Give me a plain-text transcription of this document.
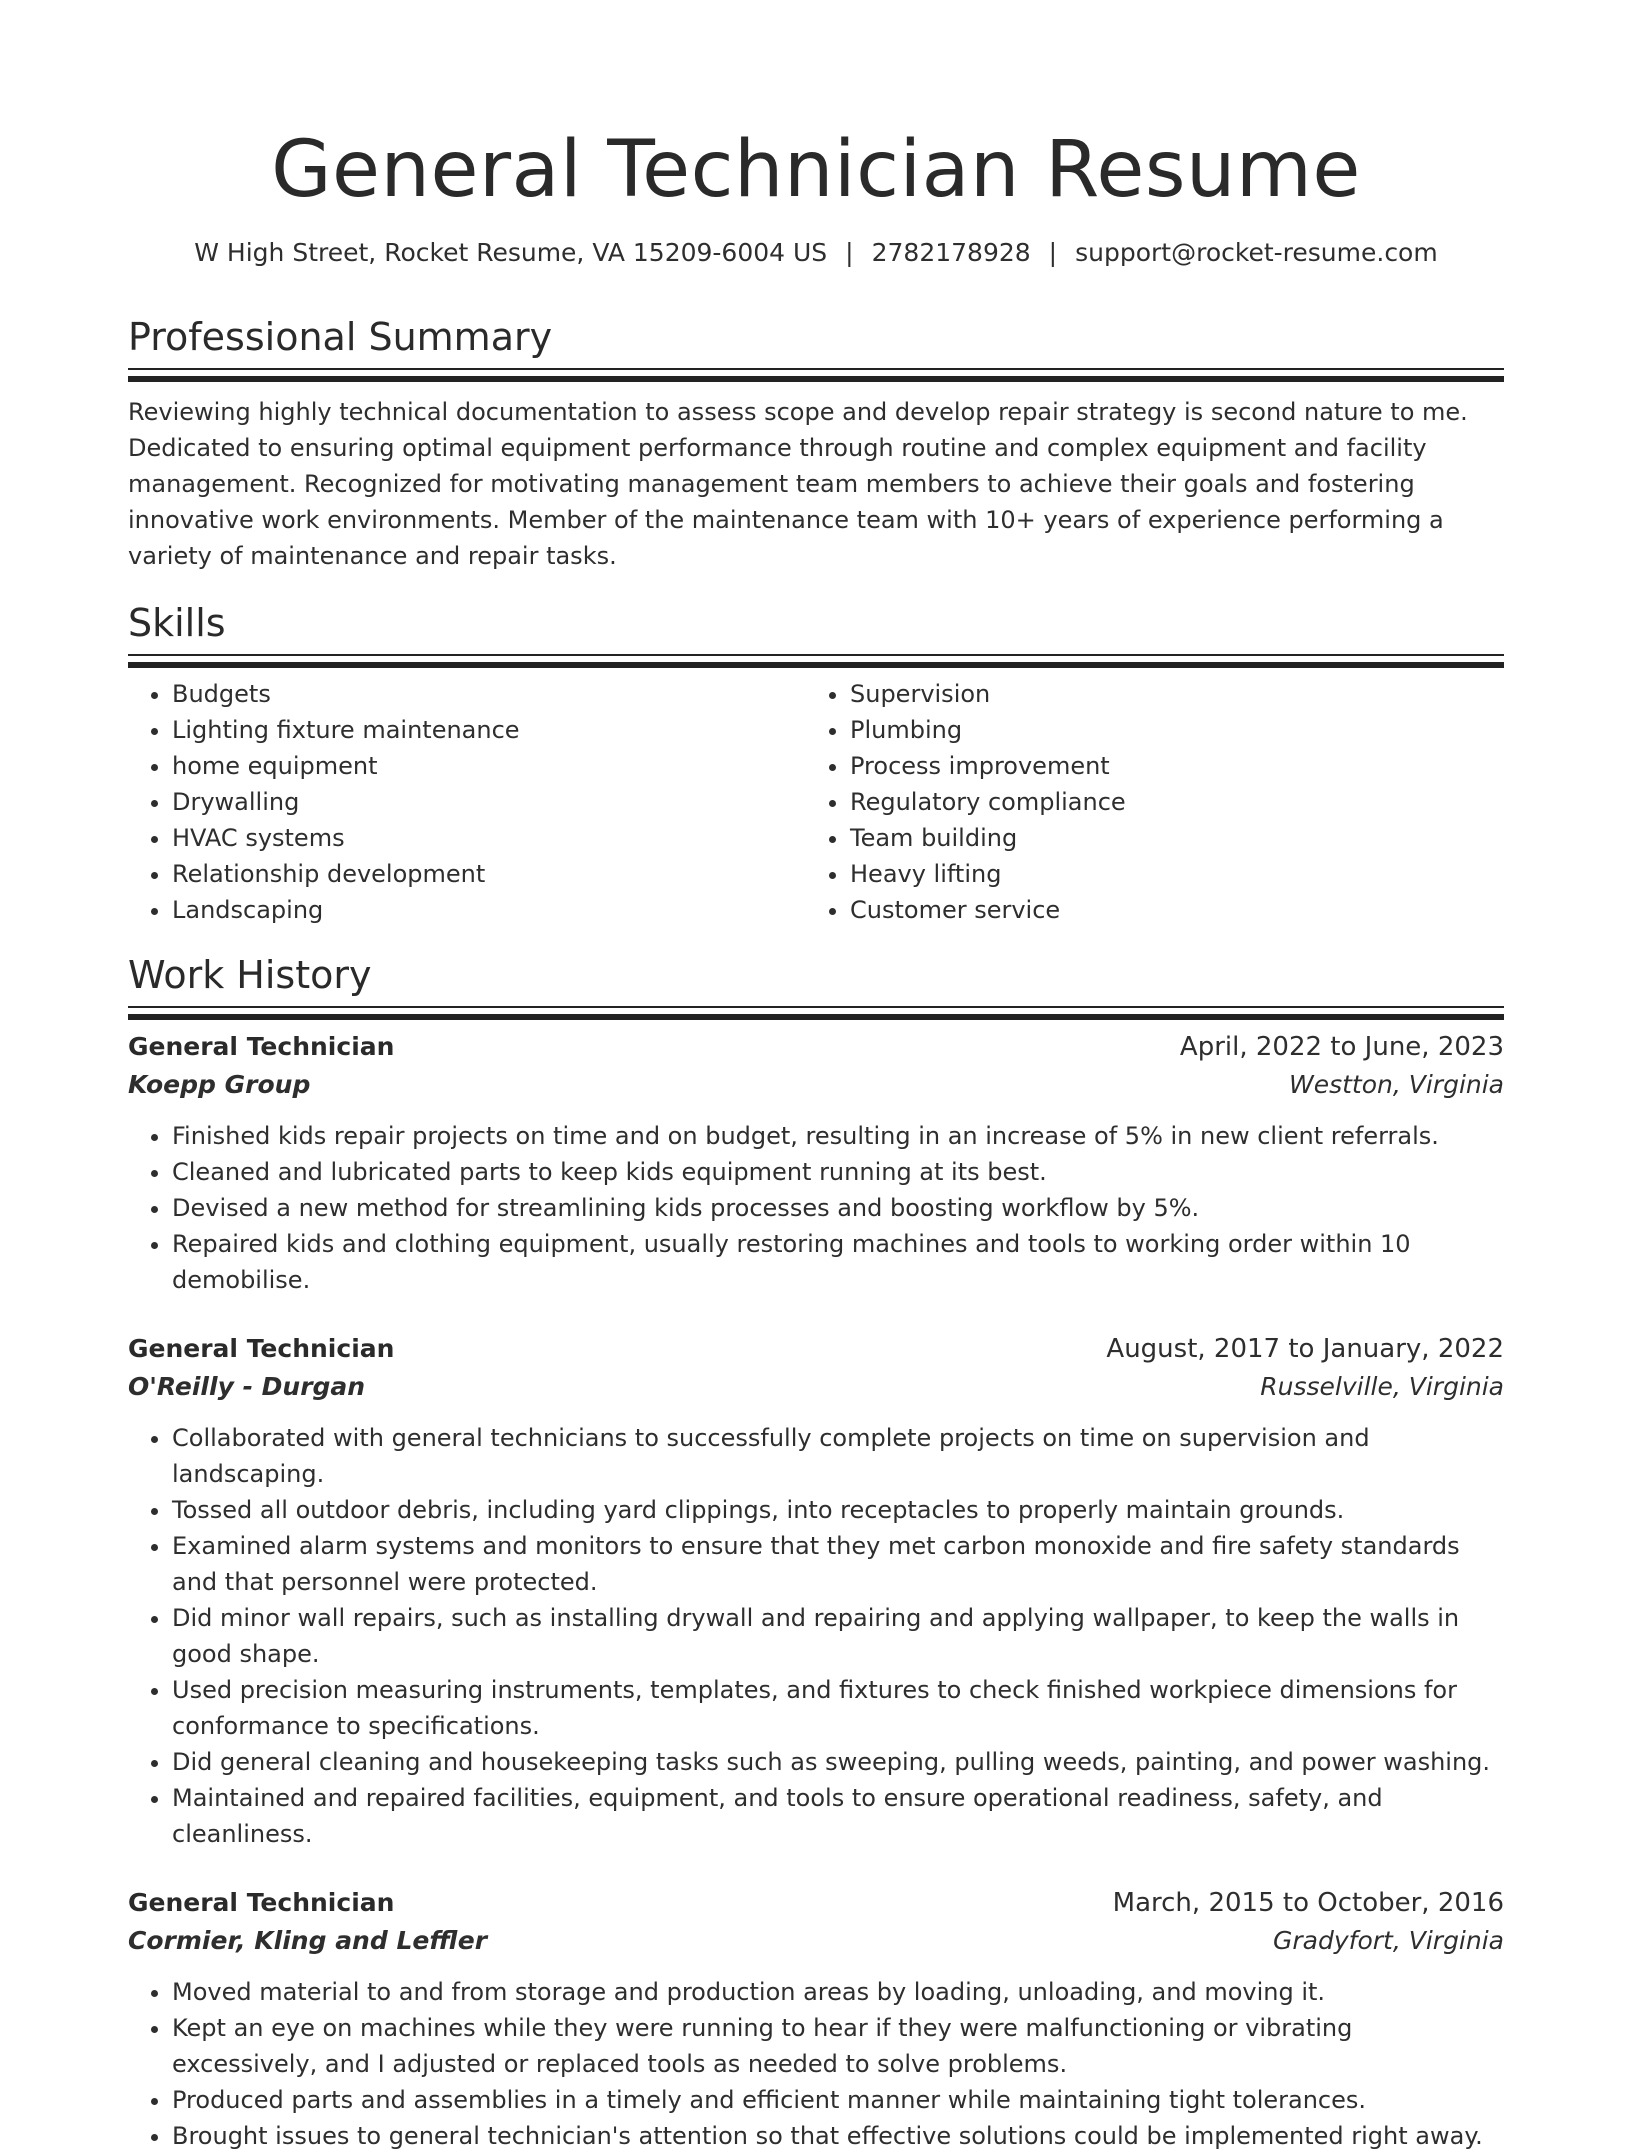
General Technician Resume
W High Street, Rocket Resume, VA 15209-6004 US | 2782178928 | support@rocket-resume.com
Professional Summary
Reviewing highly technical documentation to assess scope and develop repair strategy is second nature to me. Dedicated to ensuring optimal equipment performance through routine and complex equipment and facility management. Recognized for motivating management team members to achieve their goals and fostering innovative work environments. Member of the maintenance team with 10+ years of experience performing a variety of maintenance and repair tasks.
Skills
• Budgets
• Lighting fixture maintenance
• home equipment
• Drywalling
• HVAC systems
• Relationship development
• Landscaping
• Supervision
• Plumbing
• Process improvement
• Regulatory compliance
• Team building
• Heavy lifting
• Customer service
Work History
General Technician	April, 2022 to June, 2023
Koepp Group	Westton, Virginia
• Finished kids repair projects on time and on budget, resulting in an increase of 5% in new client referrals.
• Cleaned and lubricated parts to keep kids equipment running at its best.
• Devised a new method for streamlining kids processes and boosting workflow by 5%.
• Repaired kids and clothing equipment, usually restoring machines and tools to working order within 10 demobilise.
General Technician	August, 2017 to January, 2022
O'Reilly - Durgan	Russelville, Virginia
• Collaborated with general technicians to successfully complete projects on time on supervision and landscaping.
• Tossed all outdoor debris, including yard clippings, into receptacles to properly maintain grounds.
• Examined alarm systems and monitors to ensure that they met carbon monoxide and fire safety standards and that personnel were protected.
• Did minor wall repairs, such as installing drywall and repairing and applying wallpaper, to keep the walls in good shape.
• Used precision measuring instruments, templates, and fixtures to check finished workpiece dimensions for conformance to specifications.
• Did general cleaning and housekeeping tasks such as sweeping, pulling weeds, painting, and power washing.
• Maintained and repaired facilities, equipment, and tools to ensure operational readiness, safety, and cleanliness.
General Technician	March, 2015 to October, 2016
Cormier, Kling and Leffler	Gradyfort, Virginia
• Moved material to and from storage and production areas by loading, unloading, and moving it.
• Kept an eye on machines while they were running to hear if they were malfunctioning or vibrating excessively, and I adjusted or replaced tools as needed to solve problems.
• Produced parts and assemblies in a timely and efficient manner while maintaining tight tolerances.
• Brought issues to general technician's attention so that effective solutions could be implemented right away.
